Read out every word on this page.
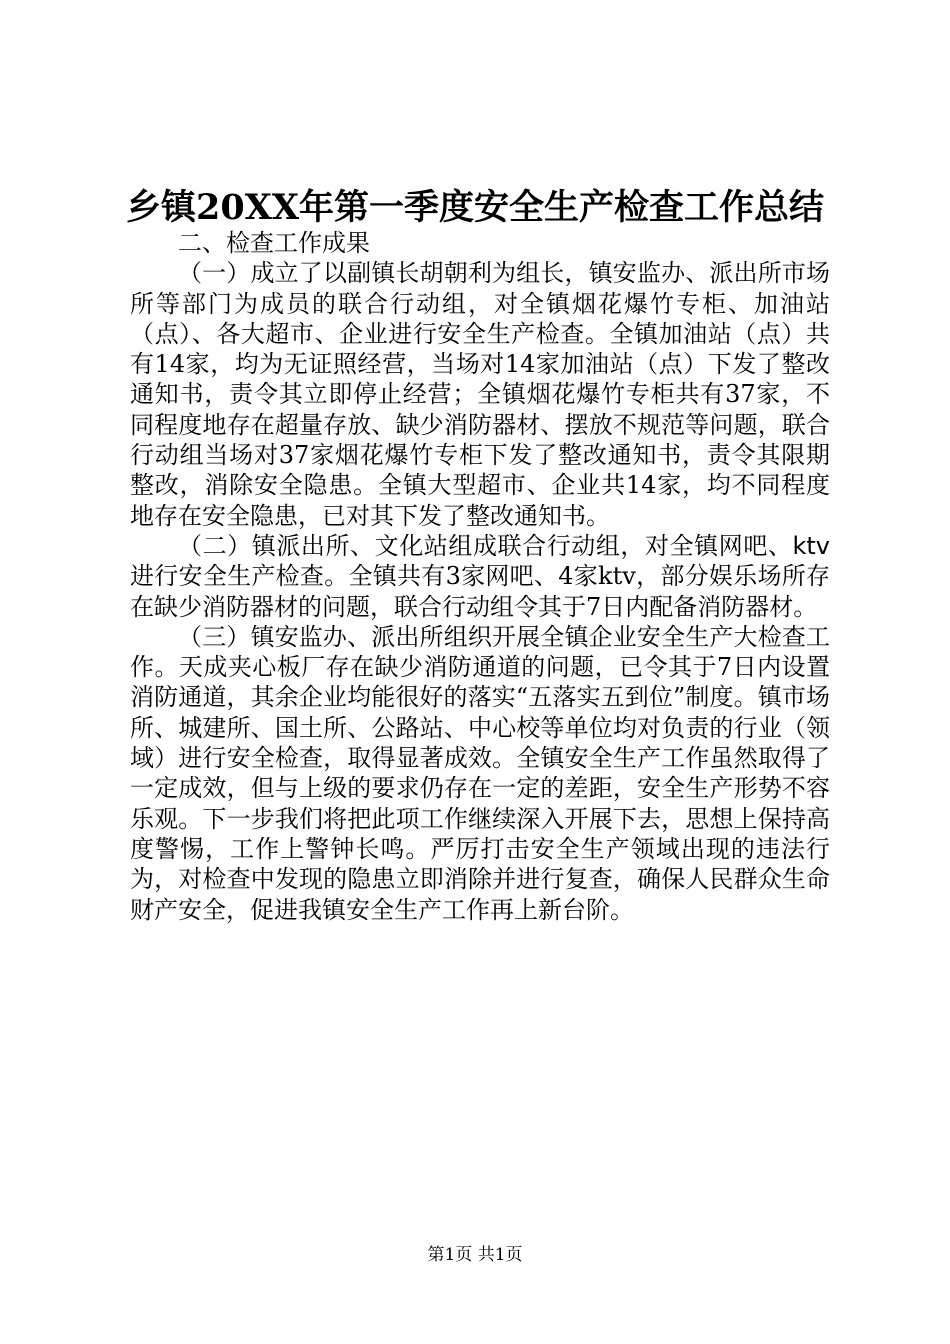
乡镇20XX年第一季度安全生产检查工作总结

二、检查工作成果

（一）成立了以副镇长胡朝利为组长，镇安监办、派出所市场所等部门为成员的联合行动组，对全镇烟花爆竹专柜、加油站（点）、各大超市、企业进行安全生产检查。全镇加油站（点）共有14家，均为无证照经营，当场对14家加油站（点）下发了整改通知书，责令其立即停止经营；全镇烟花爆竹专柜共有37家，不同程度地存在超量存放、缺少消防器材、摆放不规范等问题，联合行动组当场对37家烟花爆竹专柜下发了整改通知书，责令其限期整改，消除安全隐患。全镇大型超市、企业共14家，均不同程度地存在安全隐患，已对其下发了整改通知书。

（二）镇派出所、文化站组成联合行动组，对全镇网吧、ktv进行安全生产检查。全镇共有3家网吧、4家ktv，部分娱乐场所存在缺少消防器材的问题，联合行动组令其于7日内配备消防器材。

（三）镇安监办、派出所组织开展全镇企业安全生产大检查工作。天成夹心板厂存在缺少消防通道的问题，已令其于7日内设置消防通道，其余企业均能很好的落实“五落实五到位”制度。镇市场所、城建所、国土所、公路站、中心校等单位均对负责的行业（领域）进行安全检查，取得显著成效。全镇安全生产工作虽然取得了一定成效，但与上级的要求仍存在一定的差距，安全生产形势不容乐观。下一步我们将把此项工作继续深入开展下去，思想上保持高度警惕，工作上警钟长鸣。严厉打击安全生产领域出现的违法行为，对检查中发现的隐患立即消除并进行复查，确保人民群众生命财产安全，促进我镇安全生产工作再上新台阶。

第1页 共1页
